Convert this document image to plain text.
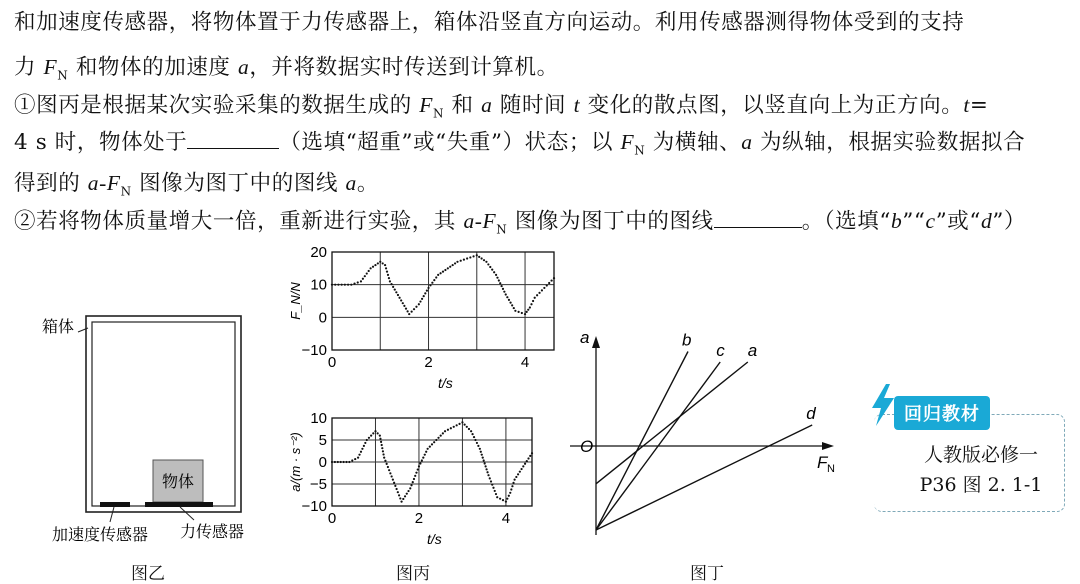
和加速度传感器，将物体置于力传感器上，箱体沿竖直方向运动。利用传感器测得物体受到的支持
力 $F_N$ 和物体的加速度 a，并将数据实时传送到计算机。
①图丙是根据某次实验采集的数据生成的 $F_N$ 和 a 随时间 t 变化的散点图，以竖直向上为正方向。t=
4 s 时，物体处于	（选填“超重”或“失重”）状态；以 $F_N$ 为横轴、a 为纵轴，根据实验数据拟合
得到的 $a-F_N$ 图像为图丁中的图线 a。
②若将物体质量增大一倍，重新进行实验，其 $a-F_N$ 图像为图丁中的图线	。（选填“b”“c”或“d”）
箱体
物体
加速度传感器 力传感器
图乙
20
10
0
−10
0	2	4
t/s
F_N/N
10
5
0
−5
−10
0	2	4
t/s
a/(m · s⁻²)
图丙
a
F N
O
b
c a
d
图丁
回归教材
人教版必修一
P36 图 2. 1-1
